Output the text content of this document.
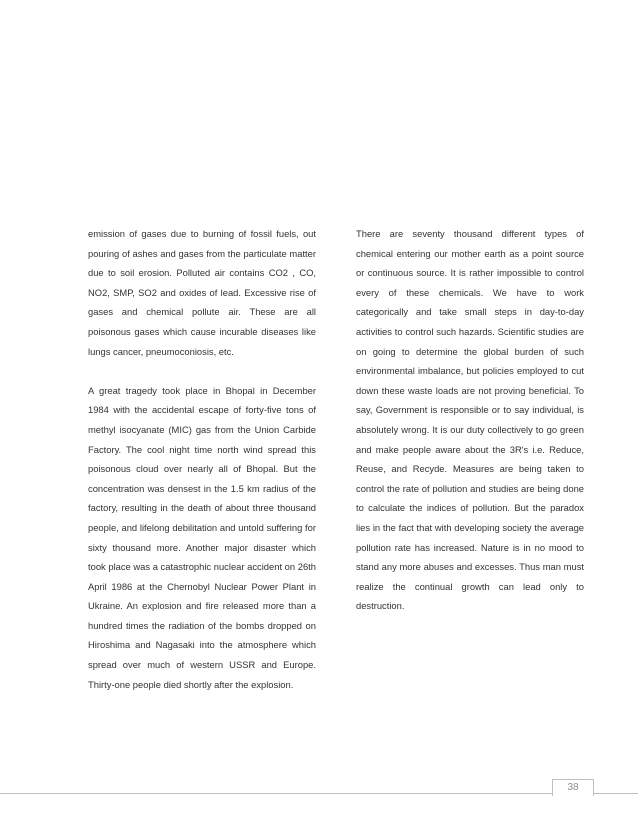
emission of gases due to burning of fossil fuels, out pouring of ashes and gases from the particulate matter due to soil erosion. Polluted air contains CO2 , CO, NO2, SMP, SO2 and oxides of lead. Excessive rise of gases and chemical pollute air. These are all poisonous gases which cause incurable diseases like lungs cancer, pneumoconiosis, etc.

A great tragedy took place in Bhopal in December 1984 with the accidental escape of forty-five tons of methyl isocyanate (MIC) gas from the Union Carbide Factory. The cool night time north wind spread this poisonous cloud over nearly all of Bhopal. But the concentration was densest in the 1.5 km radius of the factory, resulting in the death of about three thousand people, and lifelong debilitation and untold suffering for sixty thousand more. Another major disaster which took place was a catastrophic nuclear accident on 26th April 1986 at the Chernobyl Nuclear Power Plant in Ukraine. An explosion and fire released more than a hundred times the radiation of the bombs dropped on Hiroshima and Nagasaki into the atmosphere which spread over much of western USSR and Europe. Thirty-one people died shortly after the explosion.

There are seventy thousand different types of chemical entering our mother earth as a point source or continuous source. It is rather impossible to control every of these chemicals. We have to work categorically and take small steps in day-to-day activities to control such hazards. Scientific studies are on going to determine the global burden of such environmental imbalance, but policies employed to cut down these waste loads are not proving beneficial. To say, Government is responsible or to say individual, is absolutely wrong. It is our duty collectively to go green and make people aware about the 3R's i.e. Reduce, Reuse, and Recyde. Measures are being taken to control the rate of pollution and studies are being done to calculate the indices of pollution. But the paradox lies in the fact that with developing society the average pollution rate has increased. Nature is in no mood to stand any more abuses and excesses. Thus man must realize the continual growth can lead only to destruction.

38
